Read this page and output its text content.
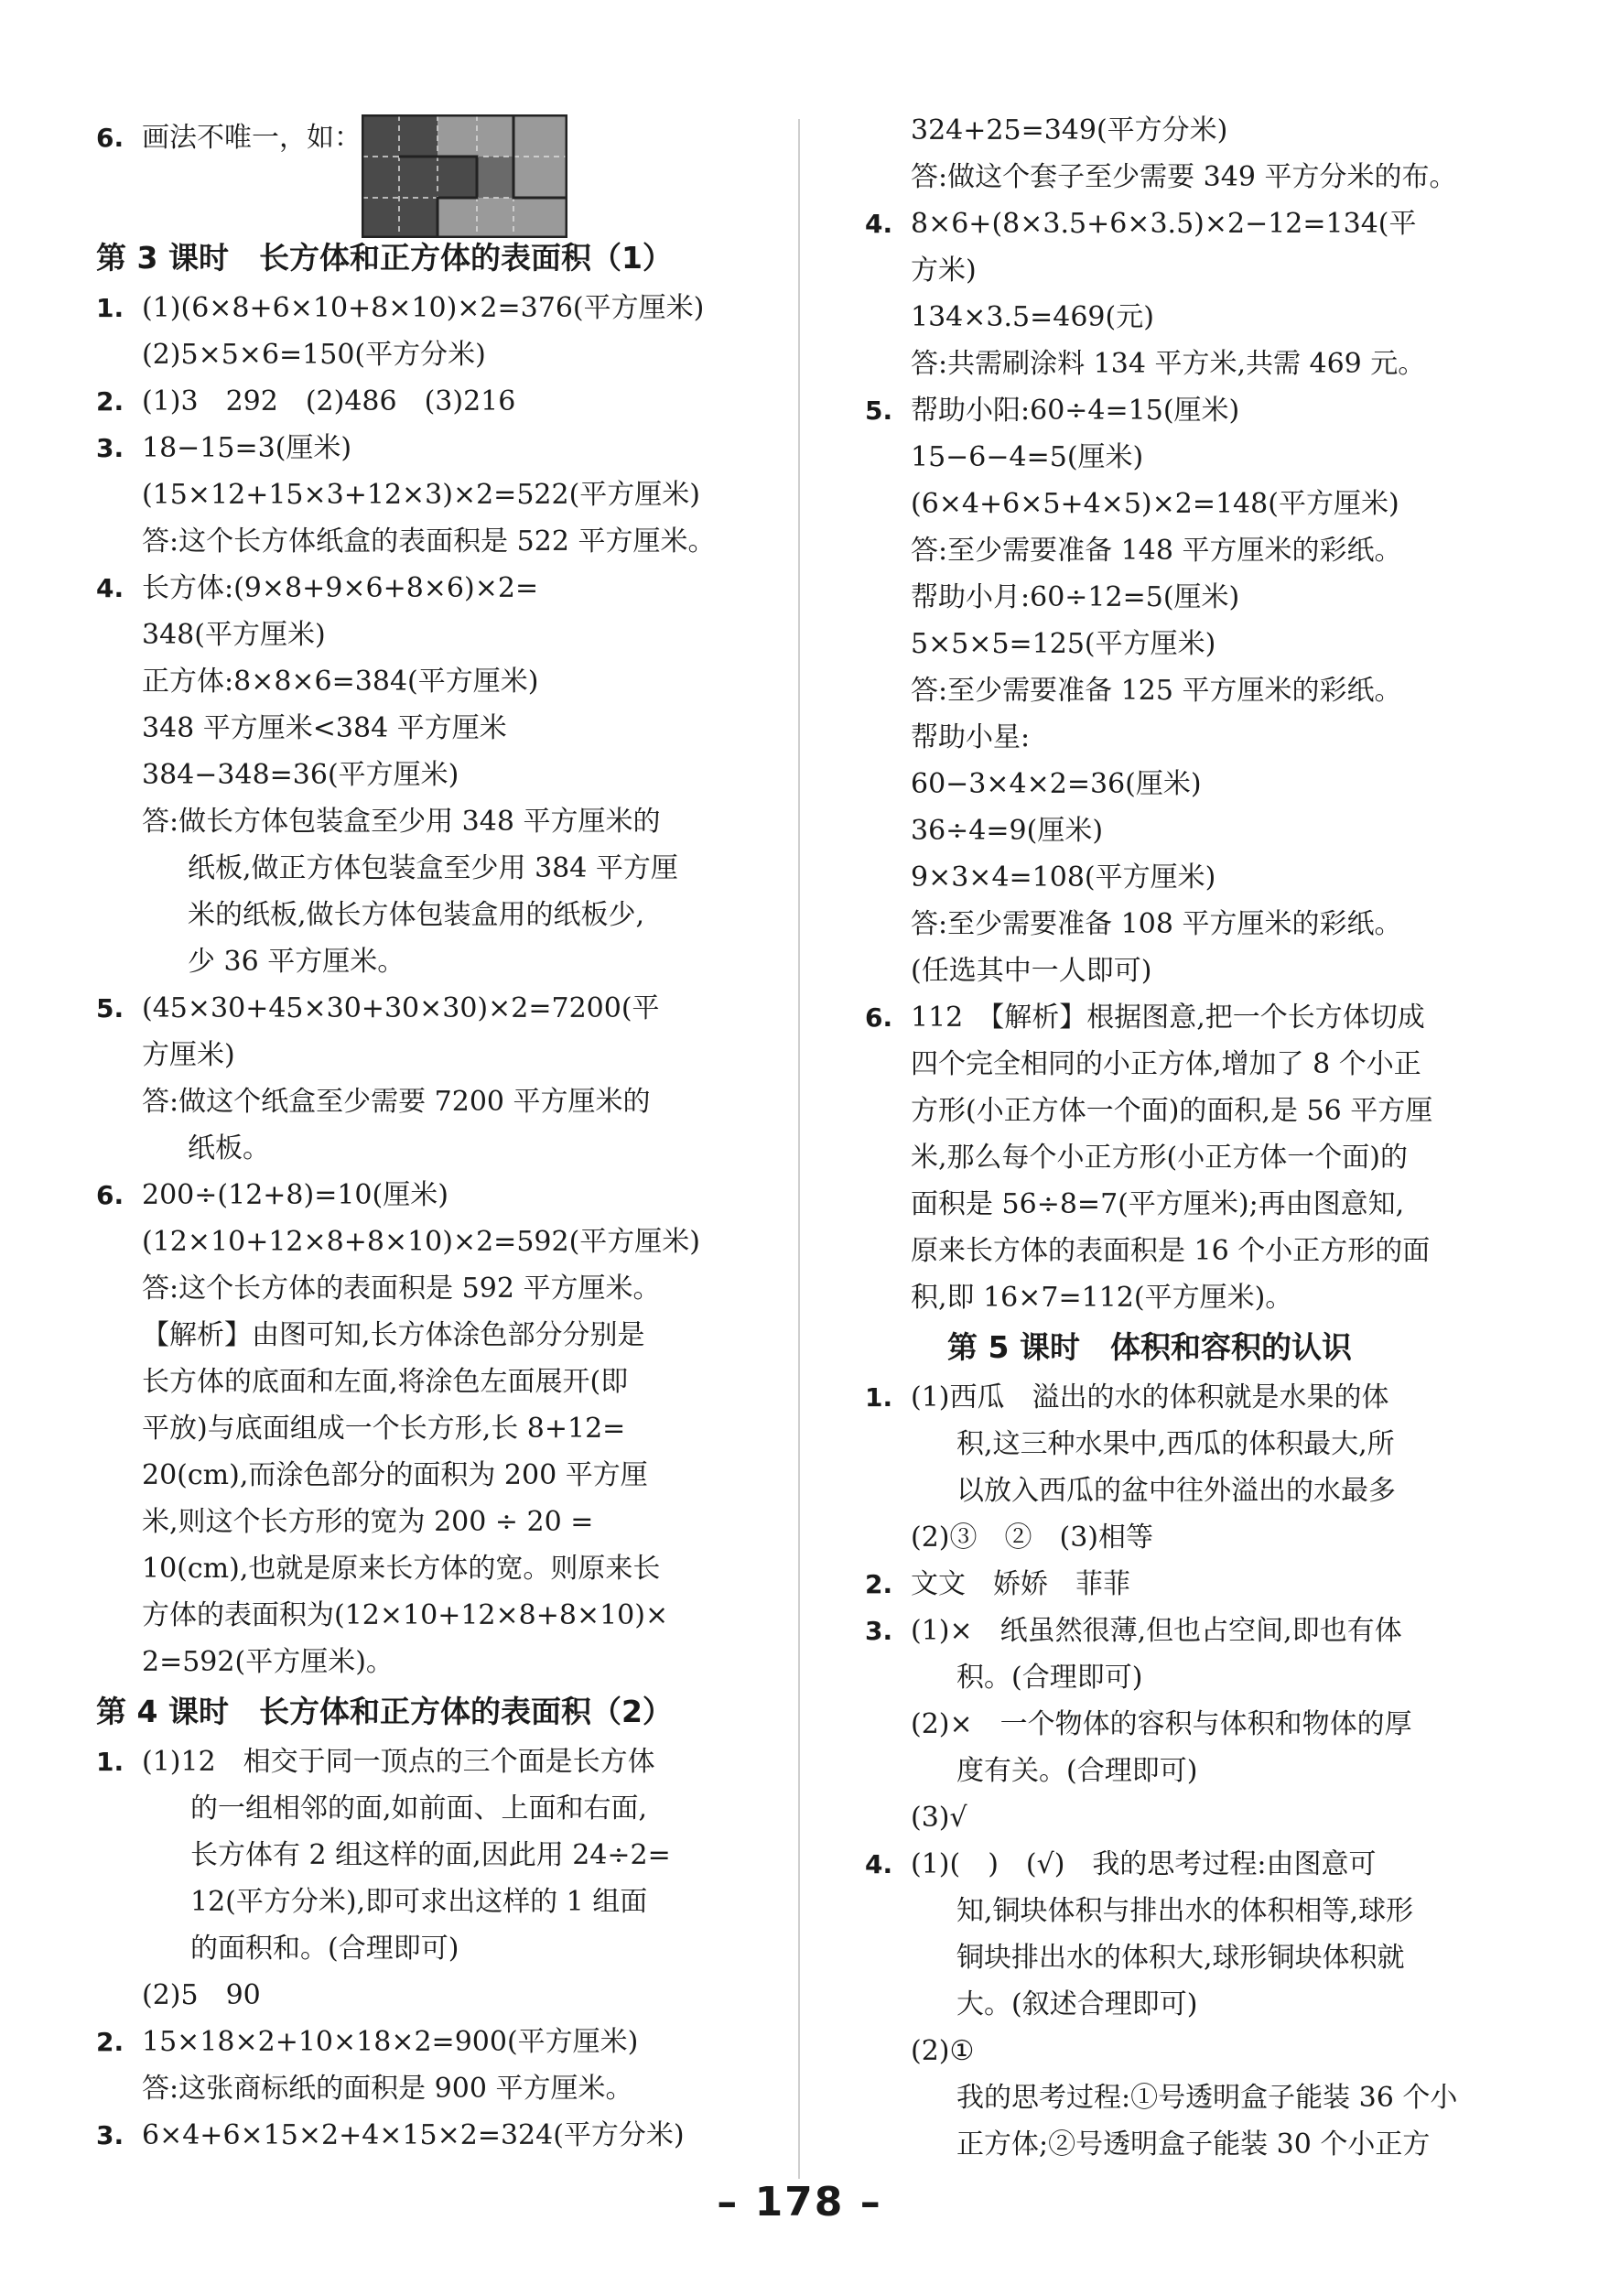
6. 画法不唯一，如：
第 3 课时　长方体和正方体的表面积（1）
1. (1)(6×8+6×10+8×10)×2=376(平方厘米)
(2)5×5×6=150(平方分米)
2. (1)3　292　(2)486　(3)216
3. 18−15=3(厘米)
(15×12+15×3+12×3)×2=522(平方厘米)
答:这个长方体纸盒的表面积是 522 平方厘米。
4. 长方体:(9×8+9×6+8×6)×2=
348(平方厘米)
正方体:8×8×6=384(平方厘米)
348 平方厘米<384 平方厘米
384−348=36(平方厘米)
答:做长方体包装盒至少用 348 平方厘米的
纸板,做正方体包装盒至少用 384 平方厘
米的纸板,做长方体包装盒用的纸板少,
少 36 平方厘米。
5. (45×30+45×30+30×30)×2=7200(平
方厘米)
答:做这个纸盒至少需要 7200 平方厘米的
纸板。
6. 200÷(12+8)=10(厘米)
(12×10+12×8+8×10)×2=592(平方厘米)
答:这个长方体的表面积是 592 平方厘米。
【解析】由图可知,长方体涂色部分分别是
长方体的底面和左面,将涂色左面展开(即
平放)与底面组成一个长方形,长 8+12=
20(cm),而涂色部分的面积为 200 平方厘
米,则这个长方形的宽为 200 ÷ 20 =
10(cm),也就是原来长方体的宽。则原来长
方体的表面积为(12×10+12×8+8×10)×
2=592(平方厘米)。
第 4 课时　长方体和正方体的表面积（2）
1. (1)12　相交于同一顶点的三个面是长方体
的一组相邻的面,如前面、上面和右面,
长方体有 2 组这样的面,因此用 24÷2=
12(平方分米),即可求出这样的 1 组面
的面积和。(合理即可)
(2)5　90
2. 15×18×2+10×18×2=900(平方厘米)
答:这张商标纸的面积是 900 平方厘米。
3. 6×4+6×15×2+4×15×2=324(平方分米)
324+25=349(平方分米)
答:做这个套子至少需要 349 平方分米的布。
4. 8×6+(8×3.5+6×3.5)×2−12=134(平
方米)
134×3.5=469(元)
答:共需刷涂料 134 平方米,共需 469 元。
5. 帮助小阳:60÷4=15(厘米)
15−6−4=5(厘米)
(6×4+6×5+4×5)×2=148(平方厘米)
答:至少需要准备 148 平方厘米的彩纸。
帮助小月:60÷12=5(厘米)
5×5×5=125(平方厘米)
答:至少需要准备 125 平方厘米的彩纸。
帮助小星:
60−3×4×2=36(厘米)
36÷4=9(厘米)
9×3×4=108(平方厘米)
答:至少需要准备 108 平方厘米的彩纸。
(任选其中一人即可)
6. 112　【解析】根据图意,把一个长方体切成
四个完全相同的小正方体,增加了 8 个小正
方形(小正方体一个面)的面积,是 56 平方厘
米,那么每个小正方形(小正方体一个面)的
面积是 56÷8=7(平方厘米);再由图意知,
原来长方体的表面积是 16 个小正方形的面
积,即 16×7=112(平方厘米)。
第 5 课时　体积和容积的认识
1. (1)西瓜　溢出的水的体积就是水果的体
积,这三种水果中,西瓜的体积最大,所
以放入西瓜的盆中往外溢出的水最多
(2)③　②　(3)相等
2. 文文　娇娇　菲菲
3. (1)×　纸虽然很薄,但也占空间,即也有体
积。(合理即可)
(2)×　一个物体的容积与体积和物体的厚
度有关。(合理即可)
(3)√
4. (1)(　)　(√)　我的思考过程:由图意可
知,铜块体积与排出水的体积相等,球形
铜块排出水的体积大,球形铜块体积就
大。(叙述合理即可)
(2)①
我的思考过程:①号透明盒子能装 36 个小
正方体;②号透明盒子能装 30 个小正方
– 178 –
